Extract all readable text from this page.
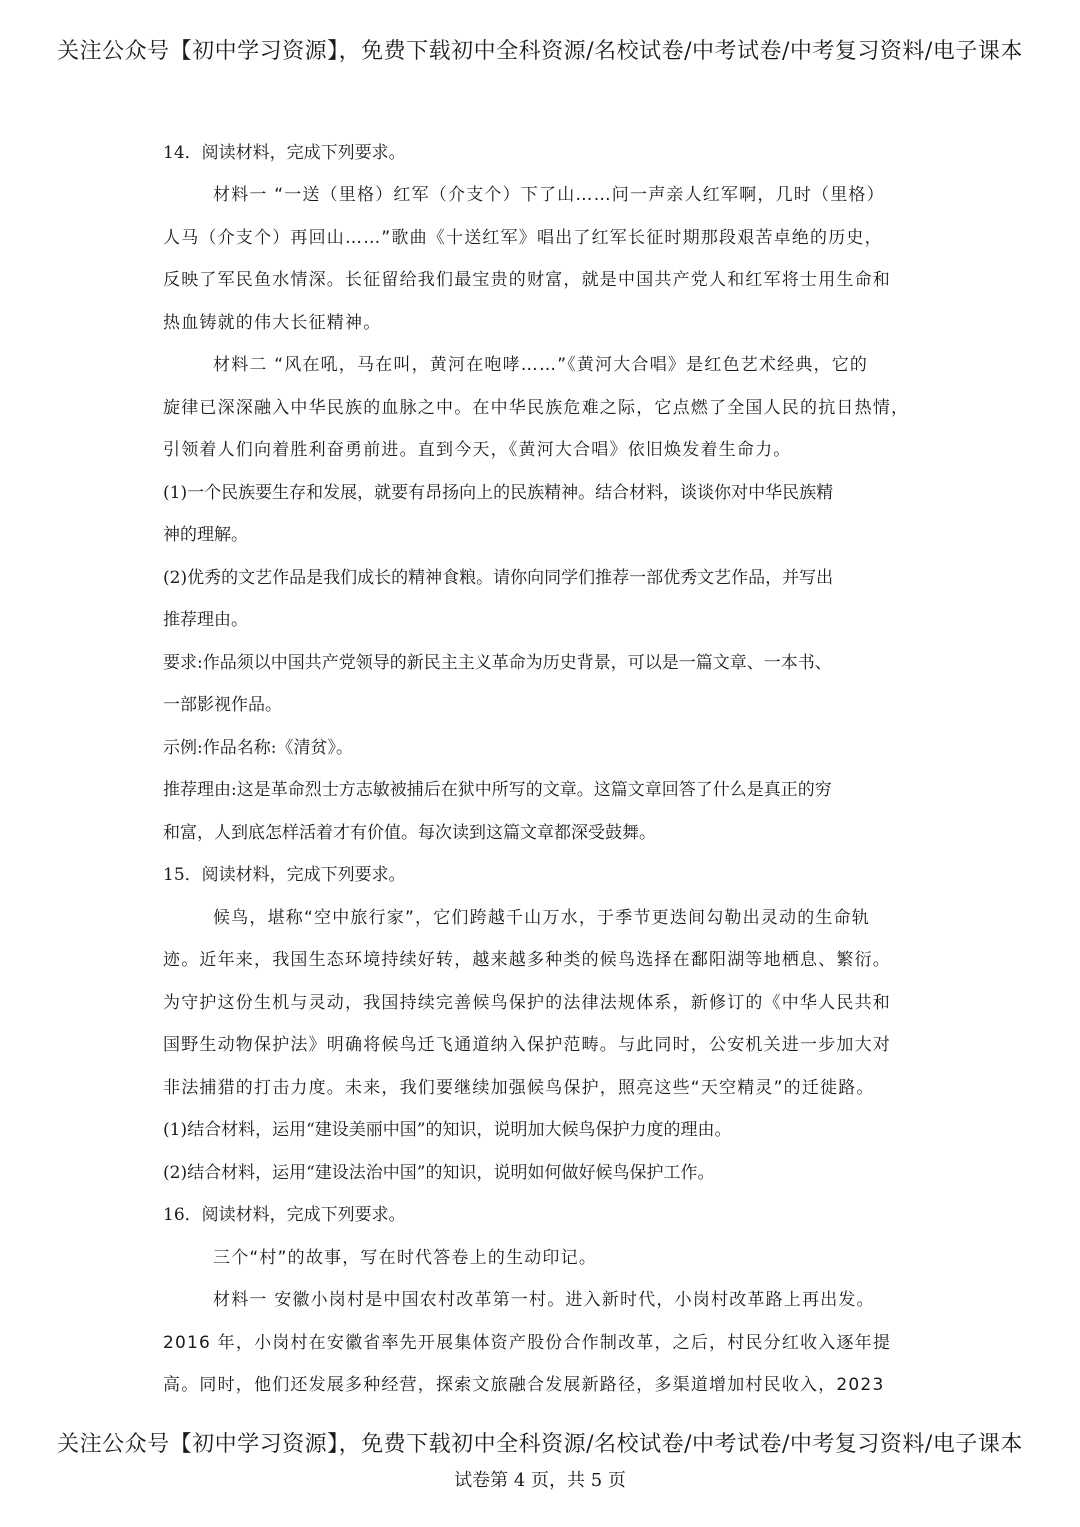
关注公众号【初中学习资源】，免费下载初中全科资源/名校试卷/中考试卷/中考复习资料/电子课本
14．阅读材料，完成下列要求。
材料一 “一送（里格）红军（介支个）下了山……问一声亲人红军啊，几时（里格）
人马（介支个）再回山……”歌曲《十送红军》唱出了红军长征时期那段艰苦卓绝的历史，
反映了军民鱼水情深。长征留给我们最宝贵的财富，就是中国共产党人和红军将士用生命和
热血铸就的伟大长征精神。
材料二 “风在吼，马在叫，黄河在咆哮……”《黄河大合唱》是红色艺术经典，它的
旋律已深深融入中华民族的血脉之中。在中华民族危难之际，它点燃了全国人民的抗日热情，
引领着人们向着胜利奋勇前进。直到今天，《黄河大合唱》依旧焕发着生命力。
(1)一个民族要生存和发展，就要有昂扬向上的民族精神。结合材料，谈谈你对中华民族精
神的理解。
(2)优秀的文艺作品是我们成长的精神食粮。请你向同学们推荐一部优秀文艺作品，并写出
推荐理由。
要求:作品须以中国共产党领导的新民主主义革命为历史背景，可以是一篇文章、一本书、
一部影视作品。
示例:作品名称:《清贫》。
推荐理由:这是革命烈士方志敏被捕后在狱中所写的文章。这篇文章回答了什么是真正的穷
和富，人到底怎样活着才有价值。每次读到这篇文章都深受鼓舞。
15．阅读材料，完成下列要求。
候鸟，堪称“空中旅行家”，它们跨越千山万水，于季节更迭间勾勒出灵动的生命轨
迹。近年来，我国生态环境持续好转，越来越多种类的候鸟选择在鄱阳湖等地栖息、繁衍。
为守护这份生机与灵动，我国持续完善候鸟保护的法律法规体系，新修订的《中华人民共和
国野生动物保护法》明确将候鸟迁飞通道纳入保护范畴。与此同时，公安机关进一步加大对
非法捕猎的打击力度。未来，我们要继续加强候鸟保护，照亮这些“天空精灵”的迁徙路。
(1)结合材料，运用“建设美丽中国”的知识，说明加大候鸟保护力度的理由。
(2)结合材料，运用“建设法治中国”的知识，说明如何做好候鸟保护工作。
16．阅读材料，完成下列要求。
三个“村”的故事，写在时代答卷上的生动印记。
材料一 安徽小岗村是中国农村改革第一村。进入新时代，小岗村改革路上再出发。
2016 年，小岗村在安徽省率先开展集体资产股份合作制改革，之后，村民分红收入逐年提
高。同时，他们还发展多种经营，探索文旅融合发展新路径，多渠道增加村民收入，2023
关注公众号【初中学习资源】，免费下载初中全科资源/名校试卷/中考试卷/中考复习资料/电子课本
试卷第 4 页，共 5 页
